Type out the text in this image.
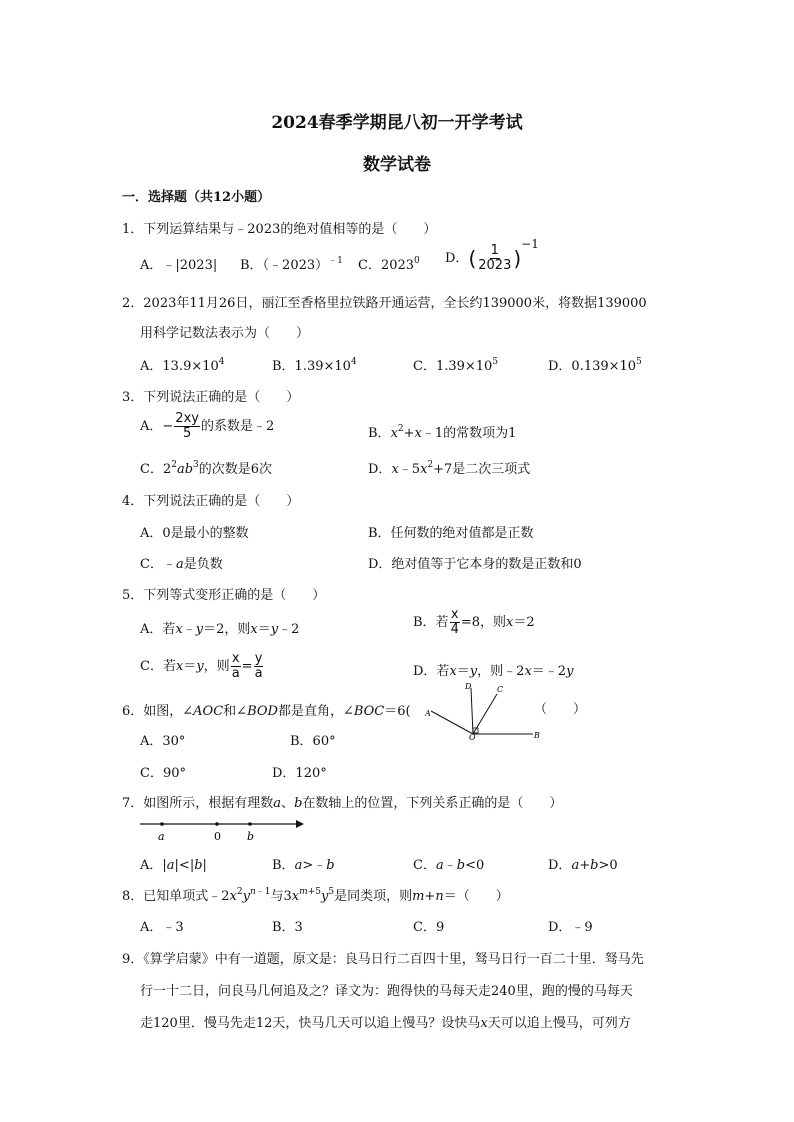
2024春季学期昆八初一开学考试
数学试卷
一．选择题（共12小题）
1．下列运算结果与﹣2023的绝对值相等的是（　　）
A．﹣|2023| B．（﹣2023）$^{﹣1}$ C．2023$^0$ D．( $\frac{1}{2023} )^{-1}$
2．2023年11月26日，丽江至香格里拉铁路开通运营，全长约139000米，将数据139000
用科学记数法表示为（　　）
A．$13.9\times 10^4$	B．$1.39\times 10^4$	C．$1.39\times 10^5$	D．$0.139\times 10^5$
3．下列说法正确的是（　　）
A．− $\frac{2xy}{5}$ 的系数是﹣2	B．$x^2+x﹣1$的常数项为1
C．$2^2ab^3$的次数是6次	D．$x﹣5x^2+7$是二次三项式
4．下列说法正确的是（　　）
A．0是最小的整数	B．任何数的绝对值都是正数
C．﹣a是负数	D．绝对值等于它本身的数是正数和0
5．下列等式变形正确的是（　　）
A．若x﹣y＝2，则x＝y﹣2	B．若 $\frac{x}{4} =8$，则x＝2
C．若x＝y，则 $\frac{x}{a} = \frac{y}{a}$	D．若x＝y，则﹣2x＝﹣2y
6．如图，∠AOC和∠BOD都是直角，∠BOC＝6(	（　　）
D	C
A
O	B
A．30°	B．60°
C．90°	D．120°
7．如图所示，根据有理数a、b在数轴上的位置，下列关系正确的是（　　）
a	0 b
A．|a|<|b|	B．a>﹣b	C．a﹣b<0	D．a+b>0
8．已知单项式$﹣2x^2y^{n﹣1}$与$3x^{m+5}y^5$是同类项，则m+n＝（　　）
A．﹣3	B．3	C．9	D．﹣9
9．《算学启蒙》中有一道题，原文是：良马日行二百四十里，驽马日行一百二十里．驽马先
行一十二日，问良马几何追及之？译文为：跑得快的马每天走240里，跑的慢的马每天
走120里．慢马先走12天，快马几天可以追上慢马？设快马x天可以追上慢马，可列方
